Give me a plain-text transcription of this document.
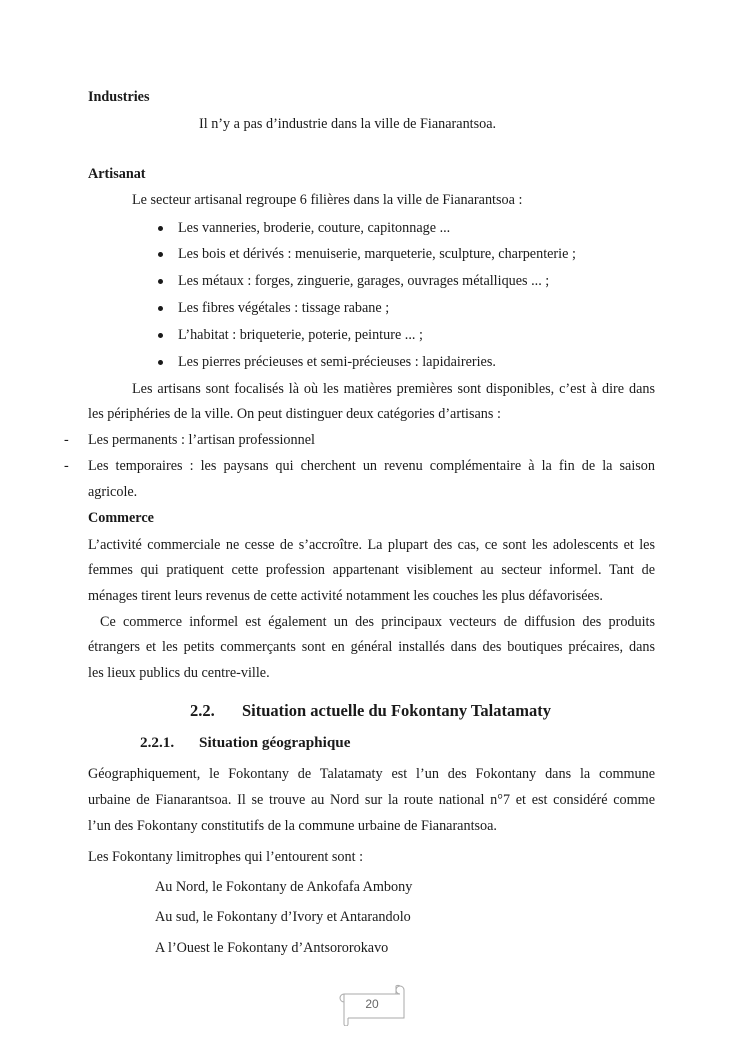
Industries
Il n’y a pas d’industrie dans la ville de Fianarantsoa.
Artisanat
Le secteur artisanal regroupe 6 filières dans la ville de Fianarantsoa :
Les vanneries, broderie, couture, capitonnage ...
Les bois et dérivés : menuiserie, marqueterie, sculpture, charpenterie ;
Les métaux : forges, zinguerie, garages, ouvrages métalliques ... ;
Les fibres végétales : tissage rabane ;
L’habitat : briqueterie, poterie, peinture ... ;
Les pierres précieuses et semi-précieuses : lapidaireries.
Les artisans sont focalisés là où les matières premières sont disponibles, c’est à dire dans
les périphéries de la ville. On peut distinguer deux catégories d’artisans :
- Les permanents : l’artisan professionnel
- Les temporaires : les paysans qui cherchent un revenu complémentaire à la fin de la saison
agricole.
Commerce
L’activité commerciale ne cesse de s’accroître. La plupart des cas, ce sont les adolescents et les
femmes qui pratiquent cette profession appartenant visiblement au secteur informel. Tant de
ménages tirent leurs revenus de cette activité notamment les couches les plus défavorisées.
Ce commerce informel est également un des principaux vecteurs de diffusion des produits
étrangers et les petits commerçants sont en général installés dans des boutiques précaires, dans
les lieux publics du centre-ville.
2.2. Situation actuelle du Fokontany Talatamaty
2.2.1. Situation géographique
Géographiquement, le Fokontany de Talatamaty est l’un des Fokontany dans la commune
urbaine de Fianarantsoa. Il se trouve au Nord sur la route national n°7 et est considéré comme
l’un des Fokontany constitutifs de la commune urbaine de Fianarantsoa.
Les Fokontany limitrophes qui l’entourent sont :
Au Nord, le Fokontany de Ankofafa Ambony
Au sud, le Fokontany d’Ivory et Antarandolo
A l’Ouest le Fokontany d’Antsororokavo
20
